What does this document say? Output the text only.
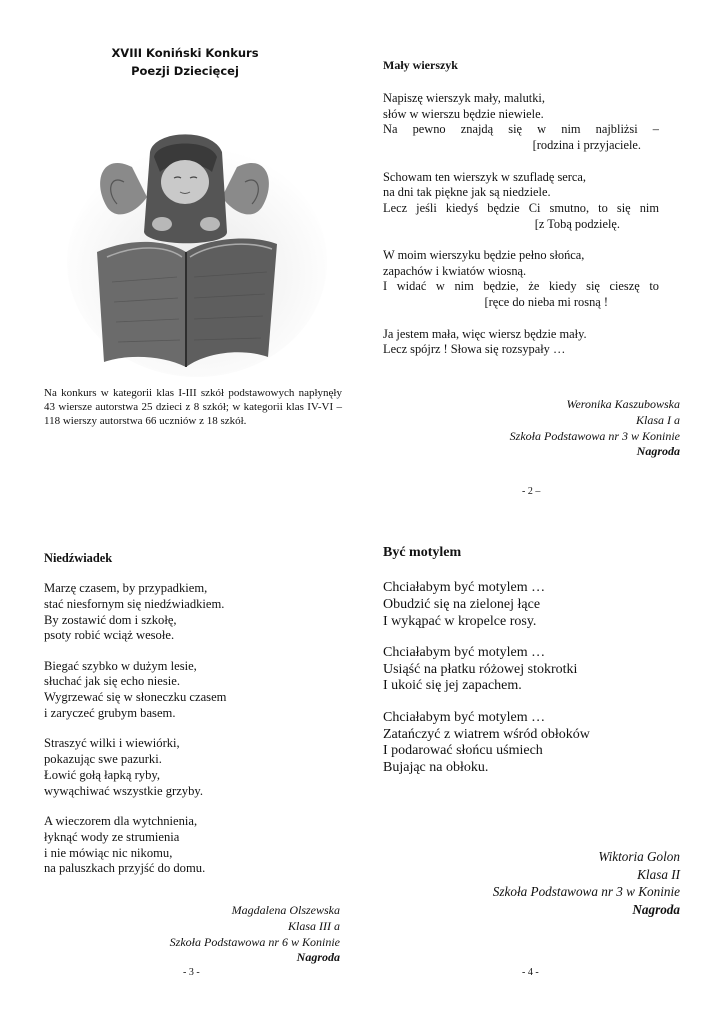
XVIII Koniński Konkurs
Poezji Dziecięcej
Na konkurs w kategorii klas I-III szkół podstawowych napłynęły 43 wiersze autorstwa 25 dzieci z 8 szkół; w kategorii klas IV-VI – 118 wierszy autorstwa 66 uczniów z 18 szkół.
Mały wierszyk
Napiszę wierszyk mały, malutki,
słów w wierszu będzie niewiele.
Na pewno znajdą się w nim najbliżsi –
[rodzina i przyjaciele.
Schowam ten wierszyk w szufladę serca,
na dni tak piękne jak są niedziele.
Lecz jeśli kiedyś będzie Ci smutno, to się nim
[z Tobą podzielę.
W moim wierszyku będzie pełno słońca,
zapachów i kwiatów wiosną.
I widać w nim będzie, że kiedy się cieszę to
[ręce do nieba mi rosną !
Ja jestem mała, więc wiersz będzie mały.
Lecz spójrz ! Słowa się rozsypały …
Weronika Kaszubowska
Klasa I a
Szkoła Podstawowa nr 3 w Koninie
Nagroda
- 2 –
Niedźwiadek
Marzę czasem, by przypadkiem,
stać niesfornym się niedźwiadkiem.
By zostawić dom i szkołę,
psoty robić wciąż wesołe.
Biegać szybko w dużym lesie,
słuchać jak się echo niesie.
Wygrzewać się w słoneczku czasem
i zaryczeć grubym basem.
Straszyć wilki i wiewiórki,
pokazując swe pazurki.
Łowić gołą łapką ryby,
wywąchiwać wszystkie grzyby.
A wieczorem dla wytchnienia,
łyknąć wody ze strumienia
i nie mówiąc nic nikomu,
na paluszkach przyjść do domu.
Magdalena Olszewska
Klasa III a
Szkoła Podstawowa nr 6 w Koninie
Nagroda
- 3 -
Być motylem
Chciałabym być motylem …
Obudzić się na zielonej łące
I wykąpać w kropelce rosy.
Chciałabym być motylem …
Usiąść na płatku różowej stokrotki
I ukoić się jej zapachem.
Chciałabym być motylem …
Zatańczyć z wiatrem wśród obłoków
I podarować słońcu uśmiech
Bujając na obłoku.
Wiktoria Golon
Klasa II
Szkoła Podstawowa nr 3 w Koninie
Nagroda
- 4 -
